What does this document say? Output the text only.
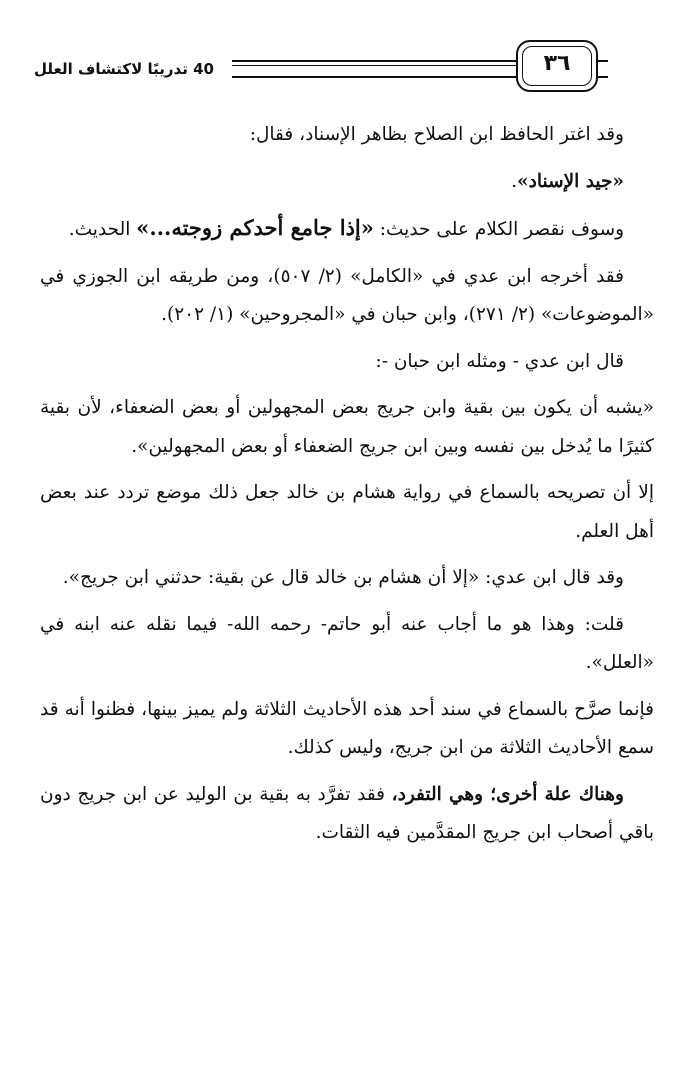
40 تدريبًا لاكتشاف العلل	٣٦

وقد اغتر الحافظ ابن الصلاح بظاهر الإسناد، فقال:

«جيد الإسناد».

وسوف نقصر الكلام على حديث: «إذا جامع أحدكم زوجته...» الحديث.

فقد أخرجه ابن عدي في «الكامل» (٢/ ٥٠٧)، ومن طريقه ابن الجوزي في «الموضوعات» (٢/ ٢٧١)، وابن حبان في «المجروحين» (١/ ٢٠٢).

قال ابن عدي - ومثله ابن حبان -:

«يشبه أن يكون بين بقية وابن جريج بعض المجهولين أو بعض الضعفاء، لأن بقية كثيرًا ما يُدخل بين نفسه وبين ابن جريج الضعفاء أو بعض المجهولين».

إلا أن تصريحه بالسماع في رواية هشام بن خالد جعل ذلك موضع تردد عند بعض أهل العلم.

وقد قال ابن عدي: «إلا أن هشام بن خالد قال عن بقية: حدثني ابن جريج».

قلت: وهذا هو ما أجاب عنه أبو حاتم- رحمه الله- فيما نقله عنه ابنه في «العلل».

فإنما صرَّح بالسماع في سند أحد هذه الأحاديث الثلاثة ولم يميز بينها، فظنوا أنه قد سمع الأحاديث الثلاثة من ابن جريج، وليس كذلك.

وهناك علة أخرى؛ وهي التفرد، فقد تفرَّد به بقية بن الوليد عن ابن جريج دون باقي أصحاب ابن جريج المقدَّمين فيه الثقات.
